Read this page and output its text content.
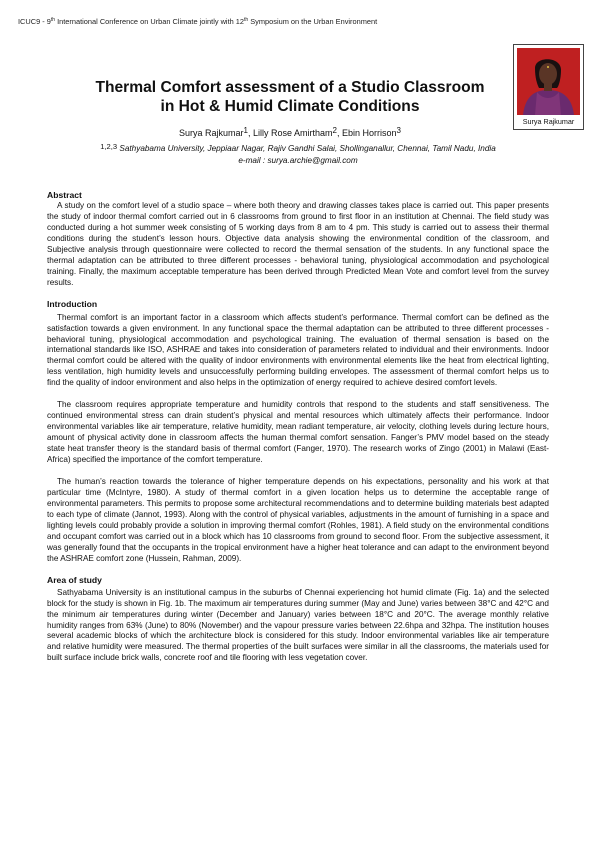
ICUC9 - 9th International Conference on Urban Climate jointly with 12th Symposium on the Urban Environment
Surya Rajkumar
Thermal Comfort assessment of a Studio Classroom
in Hot & Humid Climate Conditions
Surya Rajkumar$^1$, Lilly Rose Amirtham$^2$, Ebin Horrison$^3$
$^{1,2,3}$ Sathyabama University, Jeppiaar Nagar, Rajiv Gandhi Salai, Shollinganallur, Chennai, Tamil Nadu, India
e-mail : surya.archie@gmail.com
Abstract

A study on the comfort level of a studio space – where both theory and drawing classes takes place is carried out. This paper presents the study of indoor thermal comfort carried out in 6 classrooms from ground to first floor in an institution at Chennai. The field study was conducted during a hot summer week consisting of 5 working days from 8 am to 4 pm. This study is carried out to assess their thermal conditions during the student’s lesson hours. Objective data analysis showing the environmental condition of the classroom, and Subjective analysis through questionnaire were collected to record the thermal sensation of the students. In any functional space the thermal adaptation can be attributed to three different processes - behavioral tuning, physiological accommodation and psychological training. Finally, the maximum acceptable temperature has been derived through Predicted Mean Vote and comfort level from the survey results.

Introduction

Thermal comfort is an important factor in a classroom which affects student’s performance. Thermal comfort can be defined as the satisfaction towards a given environment. In any functional space the thermal adaptation can be attributed to three different processes - behavioral tuning, physiological accommodation and psychological training. The evaluation of thermal sensation is based on the international standards like ISO, ASHRAE and takes into consideration of parameters related to individual and their environments. Indoor thermal comfort could be altered with the quality of indoor environments with environmental elements like the heat from electrical lighting, less ventilation, high humidity levels and unsuccessfully performing building envelopes. The assessment of thermal comfort helps us to find the quality of indoor environment and also helps in the optimization of energy required to achieve desired comfort levels.

The classroom requires appropriate temperature and humidity controls that respond to the students and staff sensitiveness. The continued environmental stress can drain student’s physical and mental resources which ultimately affects their performance. Indoor environmental variables like air temperature, relative humidity, mean radiant temperature, air velocity, clothing levels during lecture hours, amount of physical activity done in classroom affects the human thermal comfort sensation. Fanger’s PMV model based on the steady state heat transfer theory is the standard basis of thermal comfort (Fanger, 1970). The research works of Zingo (2001) in Malawi (East-Africa) specified the importance of the comfort temperature.

The human’s reaction towards the tolerance of higher temperature depends on his expectations, personality and his work at that particular time (McIntyre, 1980). A study of thermal comfort in a given location helps us to determine the acceptable range of environmental parameters. This permits to propose some architectural recommendations and to determine building materials best adapted to each type of climate (Jannot, 1993). Along with the control of physical variables, adjustments in the amount of furnishing in a space and lighting levels could probably provide a solution in improving thermal comfort (Rohles, 1981). A field study on the environmental conditions and occupant comfort was carried out in a block which has 10 classrooms from ground to second floor. From the subjective assessment, it was generally found that the occupants in the tropical environment have a higher heat tolerance and can adapt to the environment beyond the ASHRAE comfort zone (Hussein, Rahman, 2009).

Area of study

Sathyabama University is an institutional campus in the suburbs of Chennai experiencing hot humid climate (Fig. 1a) and the selected block for the study is shown in Fig. 1b. The maximum air temperatures during summer (May and June) varies between 38°C and 42°C and the minimum air temperatures during winter (December and January) varies between 18°C and 20°C. The average monthly relative humidity ranges from 63% (June) to 80% (November) and the vapour pressure varies between 22.6hpa and 32hpa. The institution houses several academic blocks of which the architecture block is considered for this study. Indoor environmental variables like air temperature and relative humidity were measured. The thermal properties of the built surfaces were similar in all the classrooms, the materials used for built surface include brick walls, concrete roof and tile flooring with less vegetation cover.
